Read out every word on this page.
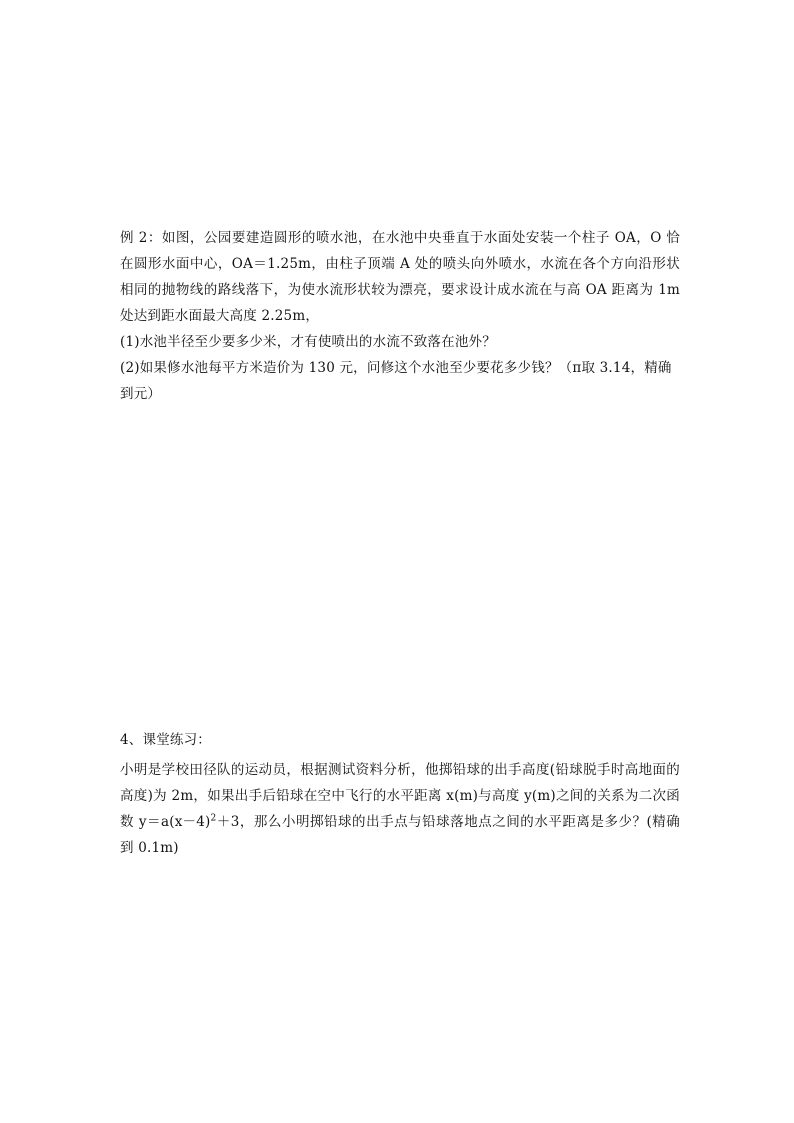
例 2：如图，公园要建造圆形的喷水池，在水池中央垂直于水面处安装一个柱子 OA，O 恰在圆形水面中心，OA＝1.25m，由柱子顶端 A 处的喷头向外喷水，水流在各个方向沿形状相同的抛物线的路线落下，为使水流形状较为漂亮，要求设计成水流在与高 OA 距离为 1m 处达到距水面最大高度 2.25m，

(1)水池半径至少要多少米，才有使喷出的水流不致落在池外？

(2)如果修水池每平方米造价为 130 元，问修这个水池至少要花多少钱？（π取 3.14，精确到元）

4、课堂练习：

小明是学校田径队的运动员，根据测试资料分析，他掷铅球的出手高度(铅球脱手时高地面的高度)为 2m，如果出手后铅球在空中飞行的水平距离 x(m)与高度 y(m)之间的关系为二次函数 $y=a(x-4)^2+3$，那么小明掷铅球的出手点与铅球落地点之间的水平距离是多少？(精确到 0.1m)
